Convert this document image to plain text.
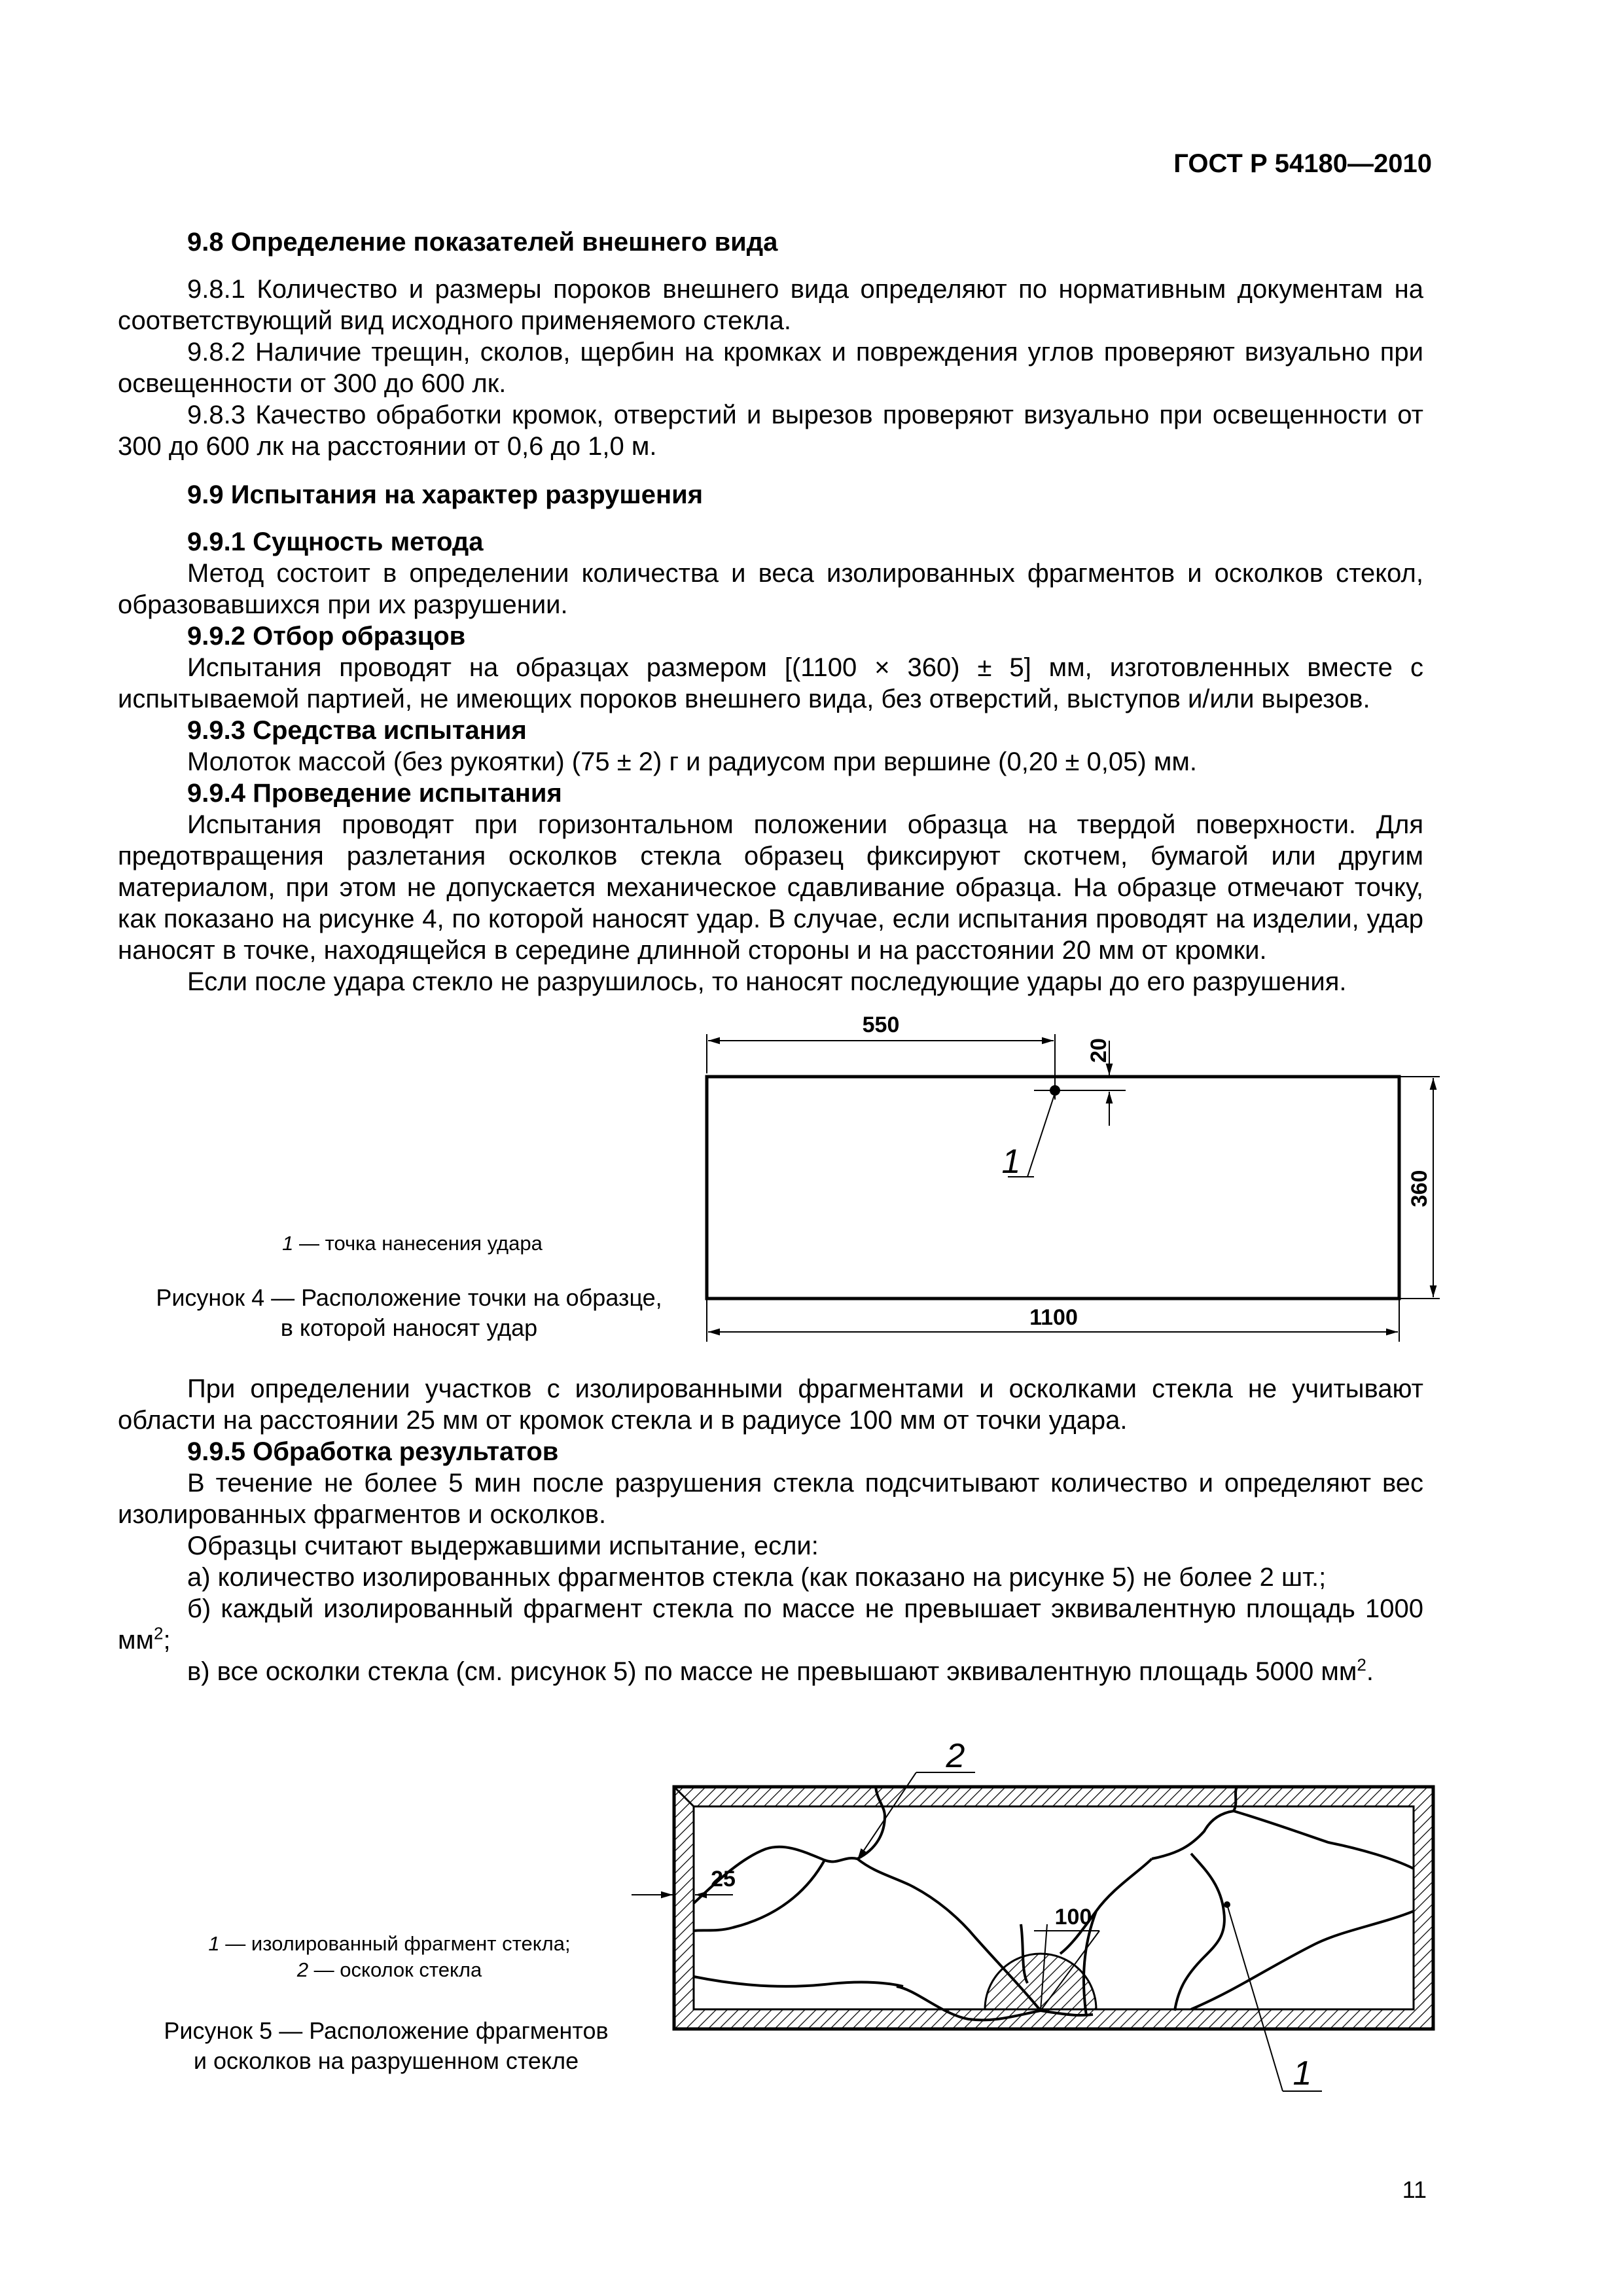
ГОСТ Р 54180—2010

9.8 Определение показателей внешнего вида

9.8.1 Количество и размеры пороков внешнего вида определяют по нормативным документам на соответствующий вид исходного применяемого стекла.

9.8.2 Наличие трещин, сколов, щербин на кромках и повреждения углов проверяют визуально при освещенности от 300 до 600 лк.

9.8.3 Качество обработки кромок, отверстий и вырезов проверяют визуально при освещенности от 300 до 600 лк на расстоянии от 0,6 до 1,0 м.

9.9 Испытания на характер разрушения

9.9.1 Сущность метода

Метод состоит в определении количества и веса изолированных фрагментов и осколков стекол, образовавшихся при их разрушении.

9.9.2 Отбор образцов

Испытания проводят на образцах размером [(1100 × 360) ± 5] мм, изготовленных вместе с испытываемой партией, не имеющих пороков внешнего вида, без отверстий, выступов и/или вырезов.

9.9.3 Средства испытания

Молоток массой (без рукоятки) (75 ± 2) г и радиусом при вершине (0,20 ± 0,05) мм.

9.9.4 Проведение испытания

Испытания проводят при горизонтальном положении образца на твердой поверхности. Для предотвращения разлетания осколков стекла образец фиксируют скотчем, бумагой или другим материалом, при этом не допускается механическое сдавливание образца. На образце отмечают точку, как показано на рисунке 4, по которой наносят удар. В случае, если испытания проводят на изделии, удар наносят в точке, находящейся в середине длинной стороны и на расстоянии 20 мм от кромки.

Если после удара стекло не разрушилось, то наносят последующие удары до его разрушения.

1 — точка нанесения удара

Рисунок 4 — Расположение точки на образце,
в которой наносят удар

550
20
1
360
1100

При определении участков с изолированными фрагментами и осколками стекла не учитывают области на расстоянии 25 мм от кромок стекла и в радиусе 100 мм от точки удара.

9.9.5 Обработка результатов

В течение не более 5 мин после разрушения стекла подсчитывают количество и определяют вес изолированных фрагментов и осколков.

Образцы считают выдержавшими испытание, если:

а) количество изолированных фрагментов стекла (как показано на рисунке 5) не более 2 шт.;

б) каждый изолированный фрагмент стекла по массе не превышает эквивалентную площадь 1000 $мм^2$;

в) все осколки стекла (см. рисунок 5) по массе не превышают эквивалентную площадь 5000 $мм^2$.

1 — изолированный фрагмент стекла;
2 — осколок стекла

Рисунок 5 — Расположение фрагментов
и осколков на разрушенном стекле

2
1
25
100
11
